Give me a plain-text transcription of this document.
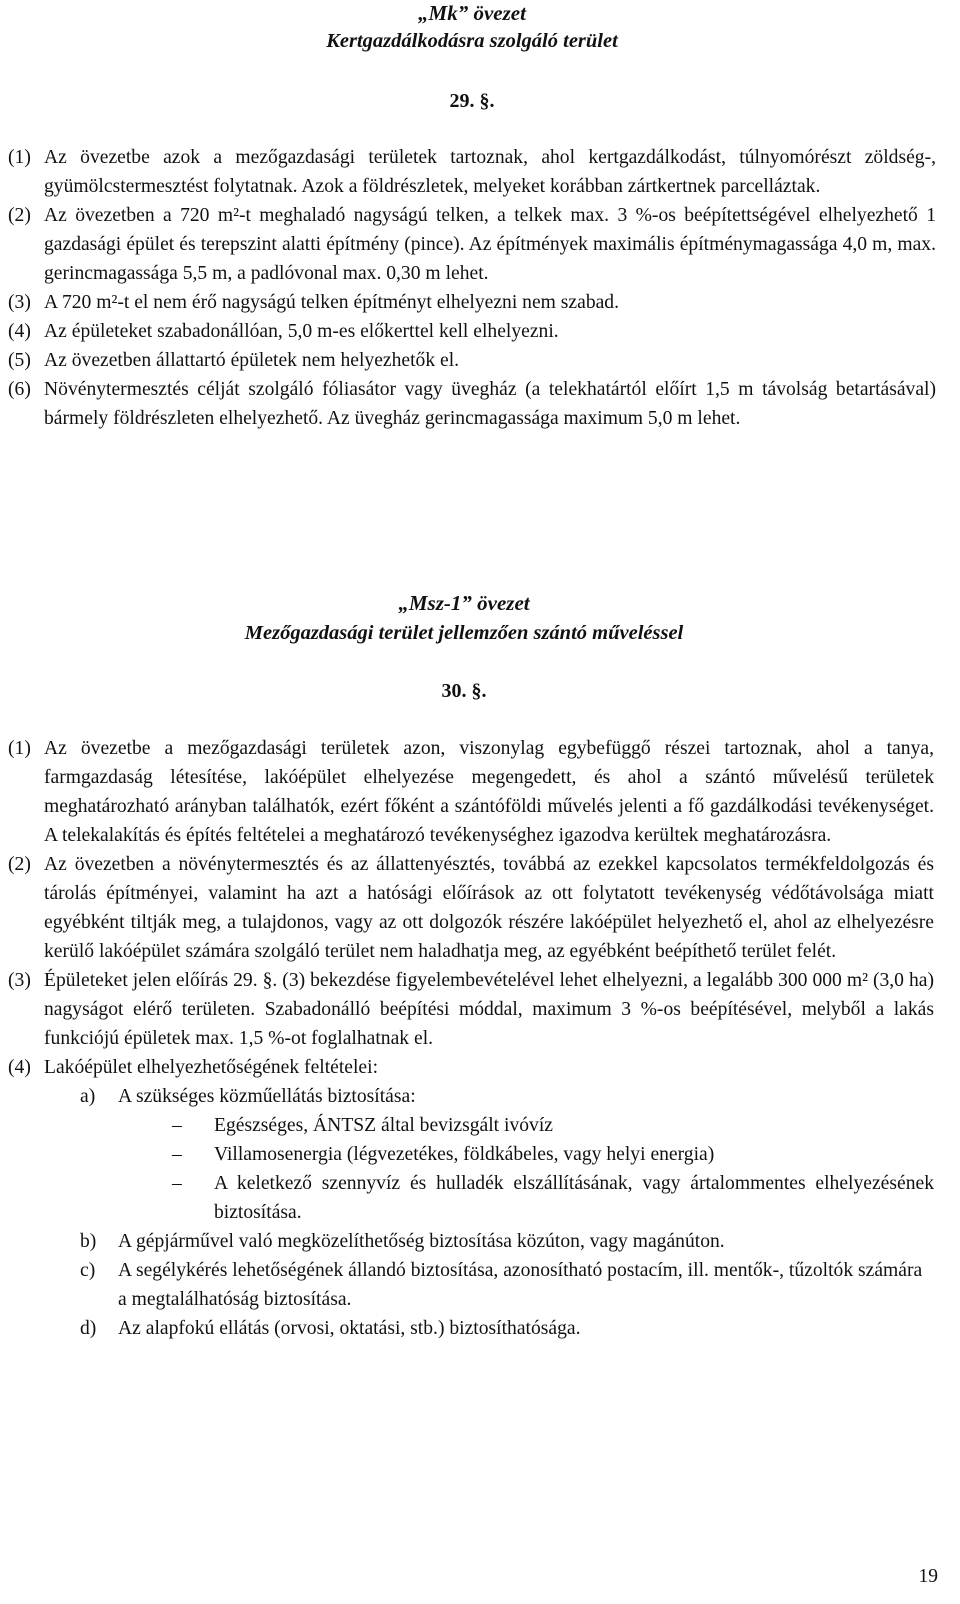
„Mk” övezet

Kertgazdálkodásra szolgáló terület

29. §.

(1) Az övezetbe azok a mezőgazdasági területek tartoznak, ahol kertgazdálkodást, túlnyomórészt zöldség-, gyümölcstermesztést folytatnak. Azok a földrészletek, melyeket korábban zártkertnek parcelláztak.
(2) Az övezetben a 720 m²-t meghaladó nagyságú telken, a telkek max. 3 %-os beépítettségével elhelyezhető 1 gazdasági épület és terepszint alatti építmény (pince). Az építmények maximális építménymagassága 4,0 m, max. gerincmagassága 5,5 m, a padlóvonal max. 0,30 m lehet.
(3) A 720 m²-t el nem érő nagyságú telken építményt elhelyezni nem szabad.
(4) Az épületeket szabadonállóan, 5,0 m-es előkerttel kell elhelyezni.
(5) Az övezetben állattartó épületek nem helyezhetők el.
(6) Növénytermesztés célját szolgáló fóliasátor vagy üvegház (a telekhatártól előírt 1,5 m távolság betartásával) bármely földrészleten elhelyezhető. Az üvegház gerincmagassága maximum 5,0 m lehet.

„Msz-1” övezet

Mezőgazdasági terület jellemzően szántó műveléssel

30. §.

(1) Az övezetbe a mezőgazdasági területek azon, viszonylag egybefüggő részei tartoznak, ahol a tanya, farmgazdaság létesítése, lakóépület elhelyezése megengedett, és ahol a szántó művelésű területek meghatározható arányban találhatók, ezért főként a szántóföldi művelés jelenti a fő gazdálkodási tevékenységet. A telekalakítás és építés feltételei a meghatározó tevékenységhez igazodva kerültek meghatározásra.
(2) Az övezetben a növénytermesztés és az állattenyésztés, továbbá az ezekkel kapcsolatos termékfeldolgozás és tárolás építményei, valamint ha azt a hatósági előírások az ott folytatott tevékenység védőtávolsága miatt egyébként tiltják meg, a tulajdonos, vagy az ott dolgozók részére lakóépület helyezhető el, ahol az elhelyezésre kerülő lakóépület számára szolgáló terület nem haladhatja meg, az egyébként beépíthető terület felét.
(3) Épületeket jelen előírás 29. §. (3) bekezdése figyelembevételével lehet elhelyezni, a legalább 300 000 m² (3,0 ha) nagyságot elérő területen. Szabadonálló beépítési móddal, maximum 3 %-os beépítésével, melyből a lakás funkciójú épületek max. 1,5 %-ot foglalhatnak el.
(4) Lakóépület elhelyezhetőségének feltételei:
a) A szükséges közműellátás biztosítása:
– Egészséges, ÁNTSZ által bevizsgált ivóvíz
– Villamosenergia (légvezetékes, földkábeles, vagy helyi energia)
– A keletkező szennyvíz és hulladék elszállításának, vagy ártalommentes elhelyezésének biztosítása.
b) A gépjárművel való megközelíthetőség biztosítása közúton, vagy magánúton.
c) A segélykérés lehetőségének állandó biztosítása, azonosítható postacím, ill. mentők-, tűzoltók számára a megtalálhatóság biztosítása.
d) Az alapfokú ellátás (orvosi, oktatási, stb.) biztosíthatósága.
19
